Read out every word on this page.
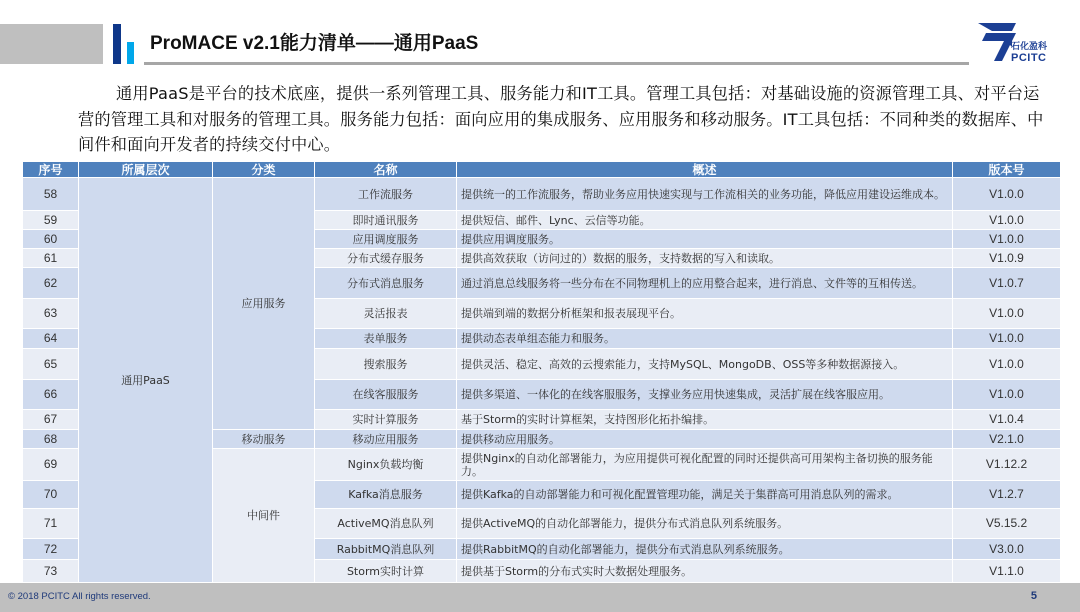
ProMACE v2.1能力清单——通用PaaS	石化盈科
PCITC

通用PaaS是平台的技术底座，提供一系列管理工具、服务能力和IT工具。管理工具包括：对基础设施的资源管理工具、对平台运营的管理工具和对服务的管理工具。服务能力包括：面向应用的集成服务、应用服务和移动服务。IT工具包括：不同种类的数据库、中间件和面向开发者的持续交付中心。

序号	所属层次	分类	名称	概述	版本号
58	通用PaaS	应用服务	工作流服务	提供统一的工作流服务，帮助业务应用快速实现与工作流相关的业务功能，降低应用建设运维成本。	V1.0.0
59			即时通讯服务	提供短信、邮件、Lync、云信等功能。	V1.0.0
60			应用调度服务	提供应用调度服务。	V1.0.0
61			分布式缓存服务	提供高效获取（访问过的）数据的服务，支持数据的写入和读取。	V1.0.9
62			分布式消息服务	通过消息总线服务将一些分布在不同物理机上的应用整合起来，进行消息、文件等的互相传送。	V1.0.7
63			灵活报表	提供端到端的数据分析框架和报表展现平台。	V1.0.0
64			表单服务	提供动态表单组态能力和服务。	V1.0.0
65			搜索服务	提供灵活、稳定、高效的云搜索能力，支持MySQL、MongoDB、OSS等多种数据源接入。	V1.0.0
66			在线客服服务	提供多渠道、一体化的在线客服服务，支撑业务应用快速集成，灵活扩展在线客服应用。	V1.0.0
67			实时计算服务	基于Storm的实时计算框架，支持图形化拓扑编排。	V1.0.4
68		移动服务	移动应用服务	提供移动应用服务。	V2.1.0
69		中间件	Nginx负载均衡	提供Nginx的自动化部署能力，为应用提供可视化配置的同时还提供高可用架构主备切换的服务能力。	V1.12.2
70			Kafka消息服务	提供Kafka的自动部署能力和可视化配置管理功能，满足关于集群高可用消息队列的需求。	V1.2.7
71			ActiveMQ消息队列	提供ActiveMQ的自动化部署能力，提供分布式消息队列系统服务。	V5.15.2
72			RabbitMQ消息队列	提供RabbitMQ的自动化部署能力，提供分布式消息队列系统服务。	V3.0.0
73			Storm实时计算	提供基于Storm的分布式实时大数据处理服务。	V1.1.0
© 2018 PCITC All rights reserved.	5
